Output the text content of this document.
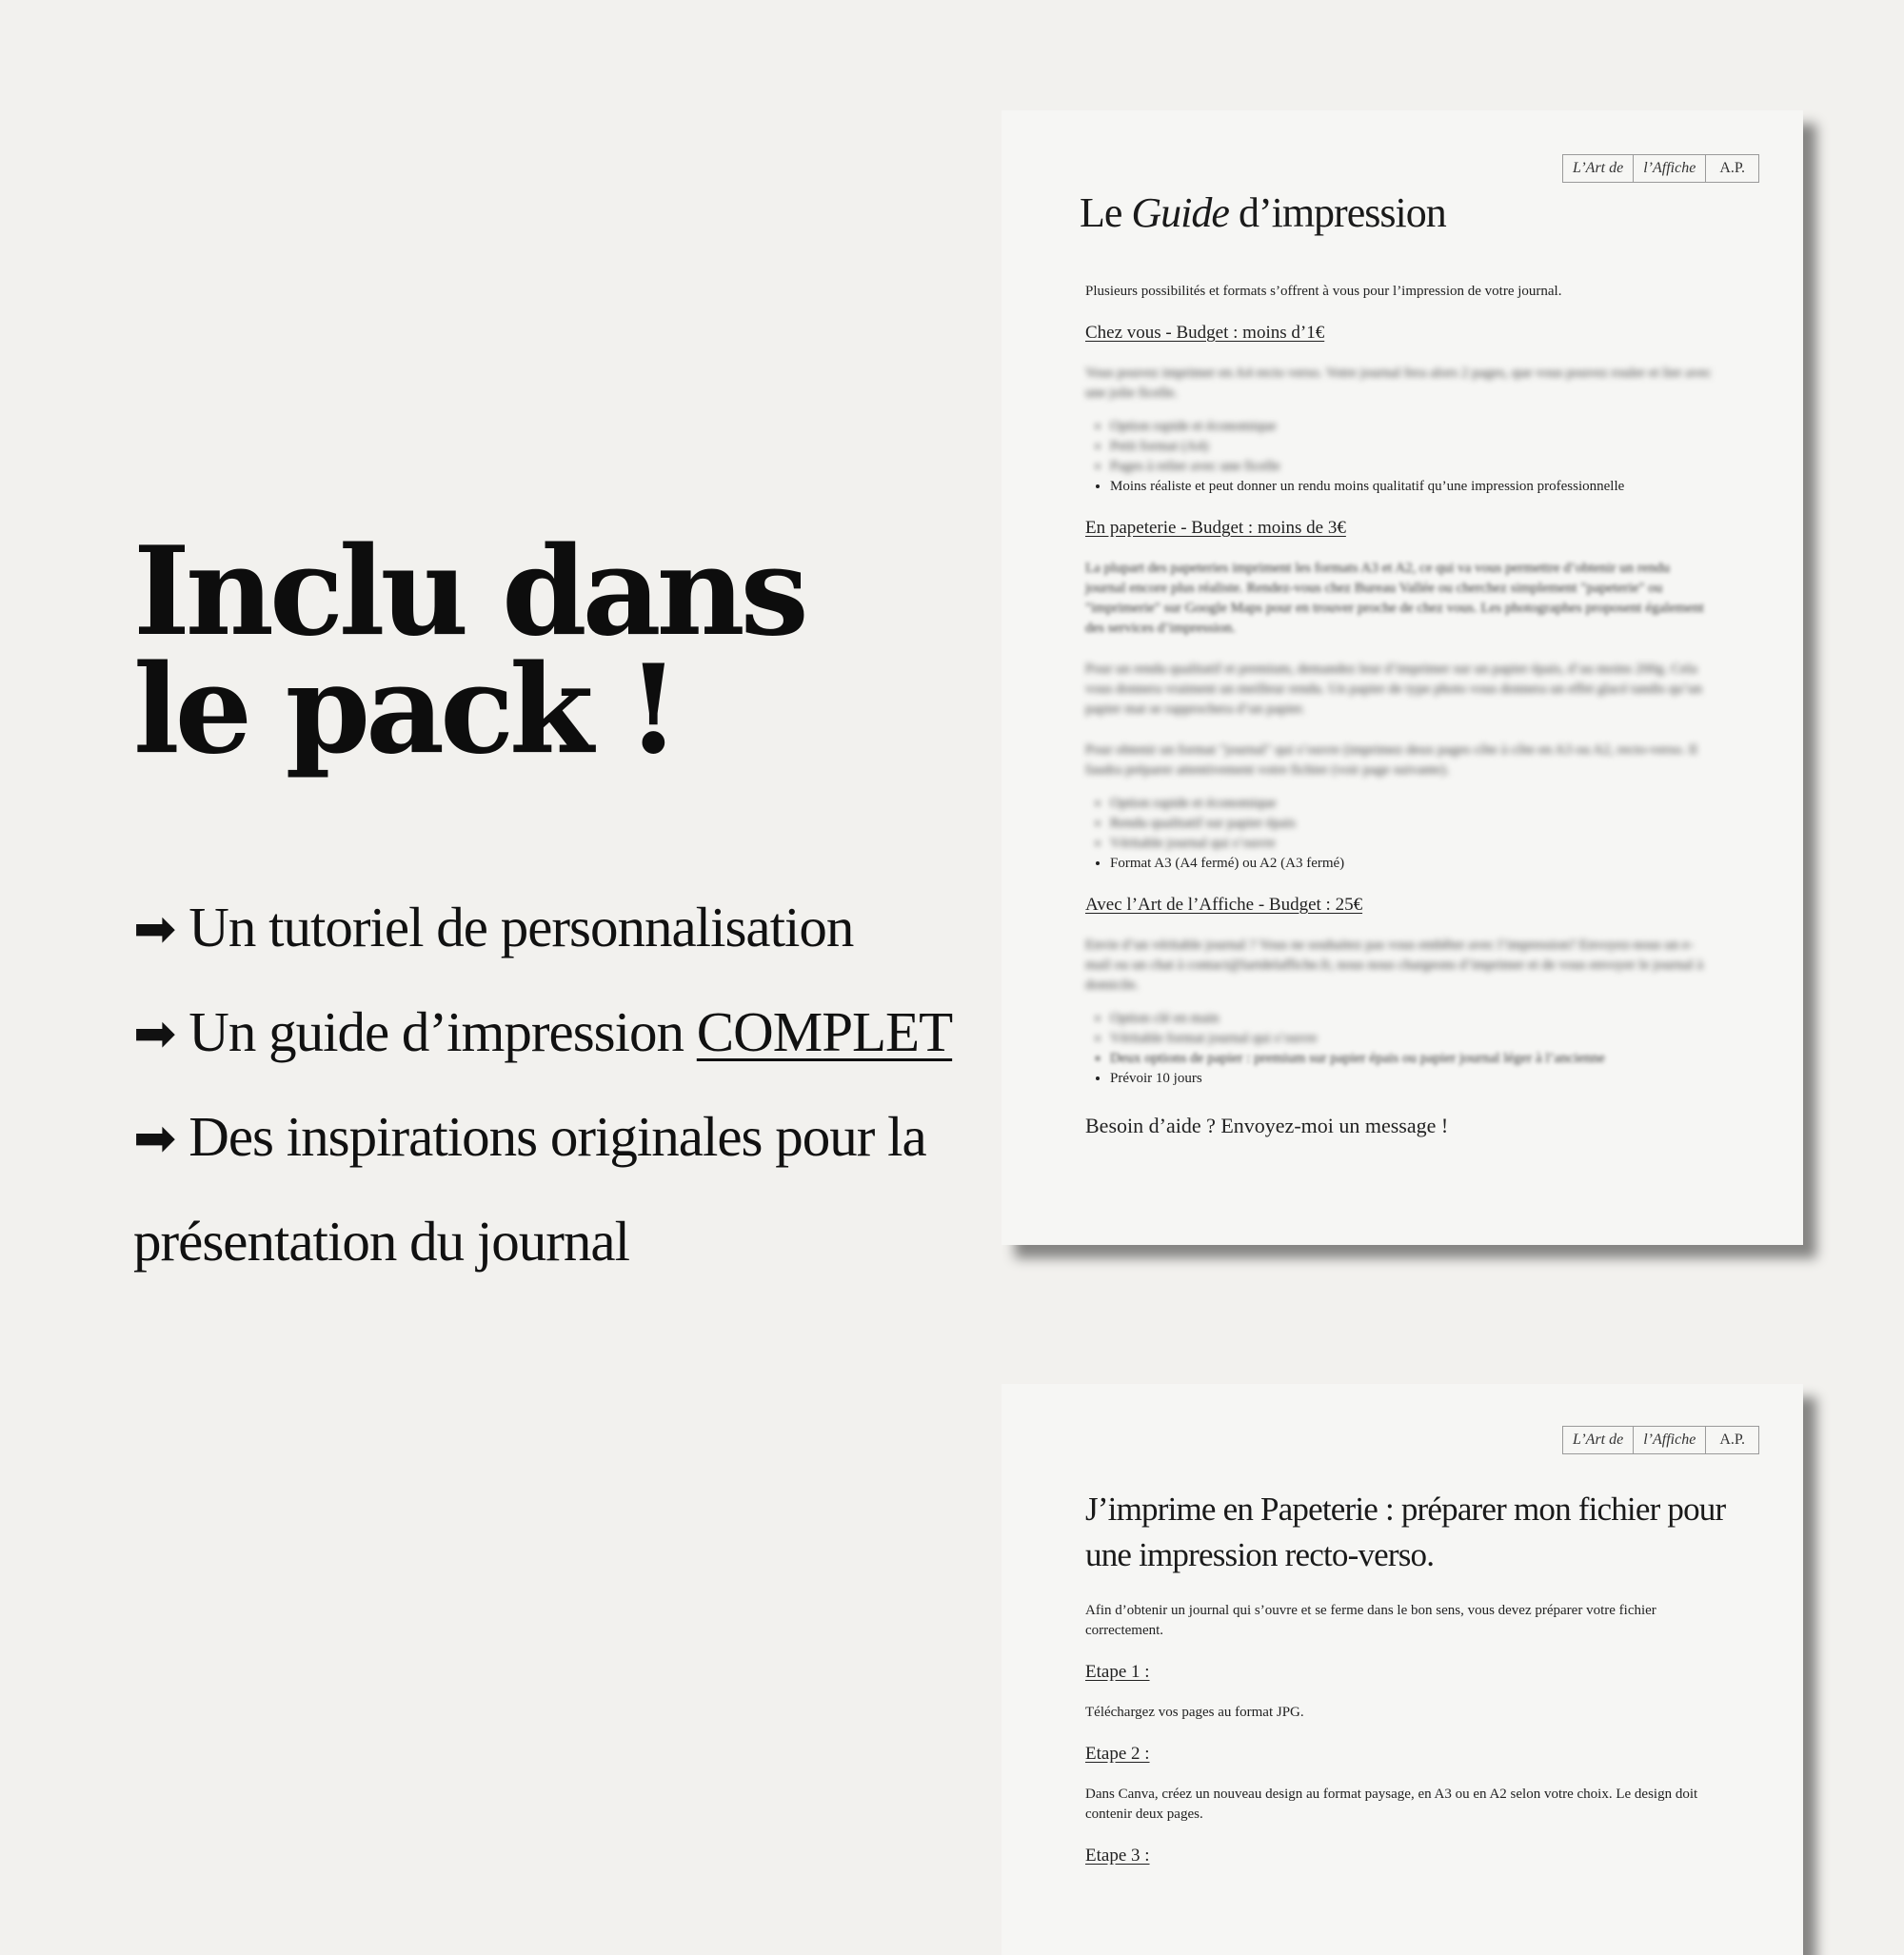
Inclu dans
le pack !
➡ Un tutoriel de personnalisation
➡ Un guide d’impression COMPLET
➡ Des inspirations originales pour la présentation du journal
L’Art de	l’Affiche	A.P.
Le Guide d’impression

Plusieurs possibilités et formats s’offrent à vous pour l’impression de votre journal.

Chez vous - Budget : moins d’1€

Vous pouvez imprimer en A4 recto verso. Votre journal fera alors 2 pages, que vous pouvez rouler et lier avec une jolie ficelle.

• Option rapide et économique
• Petit format (A4)
• Pages à relier avec une ficelle
• Moins réaliste et peut donner un rendu moins qualitatif qu’une impression professionnelle

En papeterie - Budget : moins de 3€

La plupart des papeteries impriment les formats A3 et A2, ce qui va vous permettre d’obtenir un rendu journal encore plus réaliste. Rendez-vous chez Bureau Vallée ou cherchez simplement "papeterie" ou "imprimerie" sur Google Maps pour en trouver proche de chez vous. Les photographes proposent également des services d’impression.

Pour un rendu qualitatif et premium, demandez leur d’imprimer sur un papier épais, d’au moins 200g. Cela vous donnera vraiment un meilleur rendu. Un papier de type photo vous donnera un effet glacé tandis qu’un papier mat se rapprochera d’un papier.

Pour obtenir un format "journal" qui s’ouvre (imprimez deux pages côte à côte en A3 ou A2, recto-verso. Il faudra préparer attentivement votre fichier (voir page suivante).

• Option rapide et économique
• Rendu qualitatif sur papier épais
• Véritable journal qui s’ouvre
• Format A3 (A4 fermé) ou A2 (A3 fermé)

Avec l’Art de l’Affiche - Budget : 25€

Envie d’un véritable journal ? Vous ne souhaitez pas vous embêter avec l’impression? Envoyez-nous un e-mail ou un chat à contact@lartdelaffiche.fr, nous nous chargeons d’imprimer et de vous envoyer le journal à domicile.

• Option clé en main
• Véritable format journal qui s’ouvre
• Deux options de papier : premium sur papier épais ou papier journal léger à l’ancienne
• Prévoir 10 jours

Besoin d’aide ? Envoyez-moi un message !

L’Art de	l’Affiche	A.P.
J’imprime en Papeterie : préparer mon fichier pour une impression recto-verso.

Afin d’obtenir un journal qui s’ouvre et se ferme dans le bon sens, vous devez préparer votre fichier correctement.

Etape 1 :

Téléchargez vos pages au format JPG.

Etape 2 :

Dans Canva, créez un nouveau design au format paysage, en A3 ou en A2 selon votre choix. Le design doit contenir deux pages.

Etape 3 :
